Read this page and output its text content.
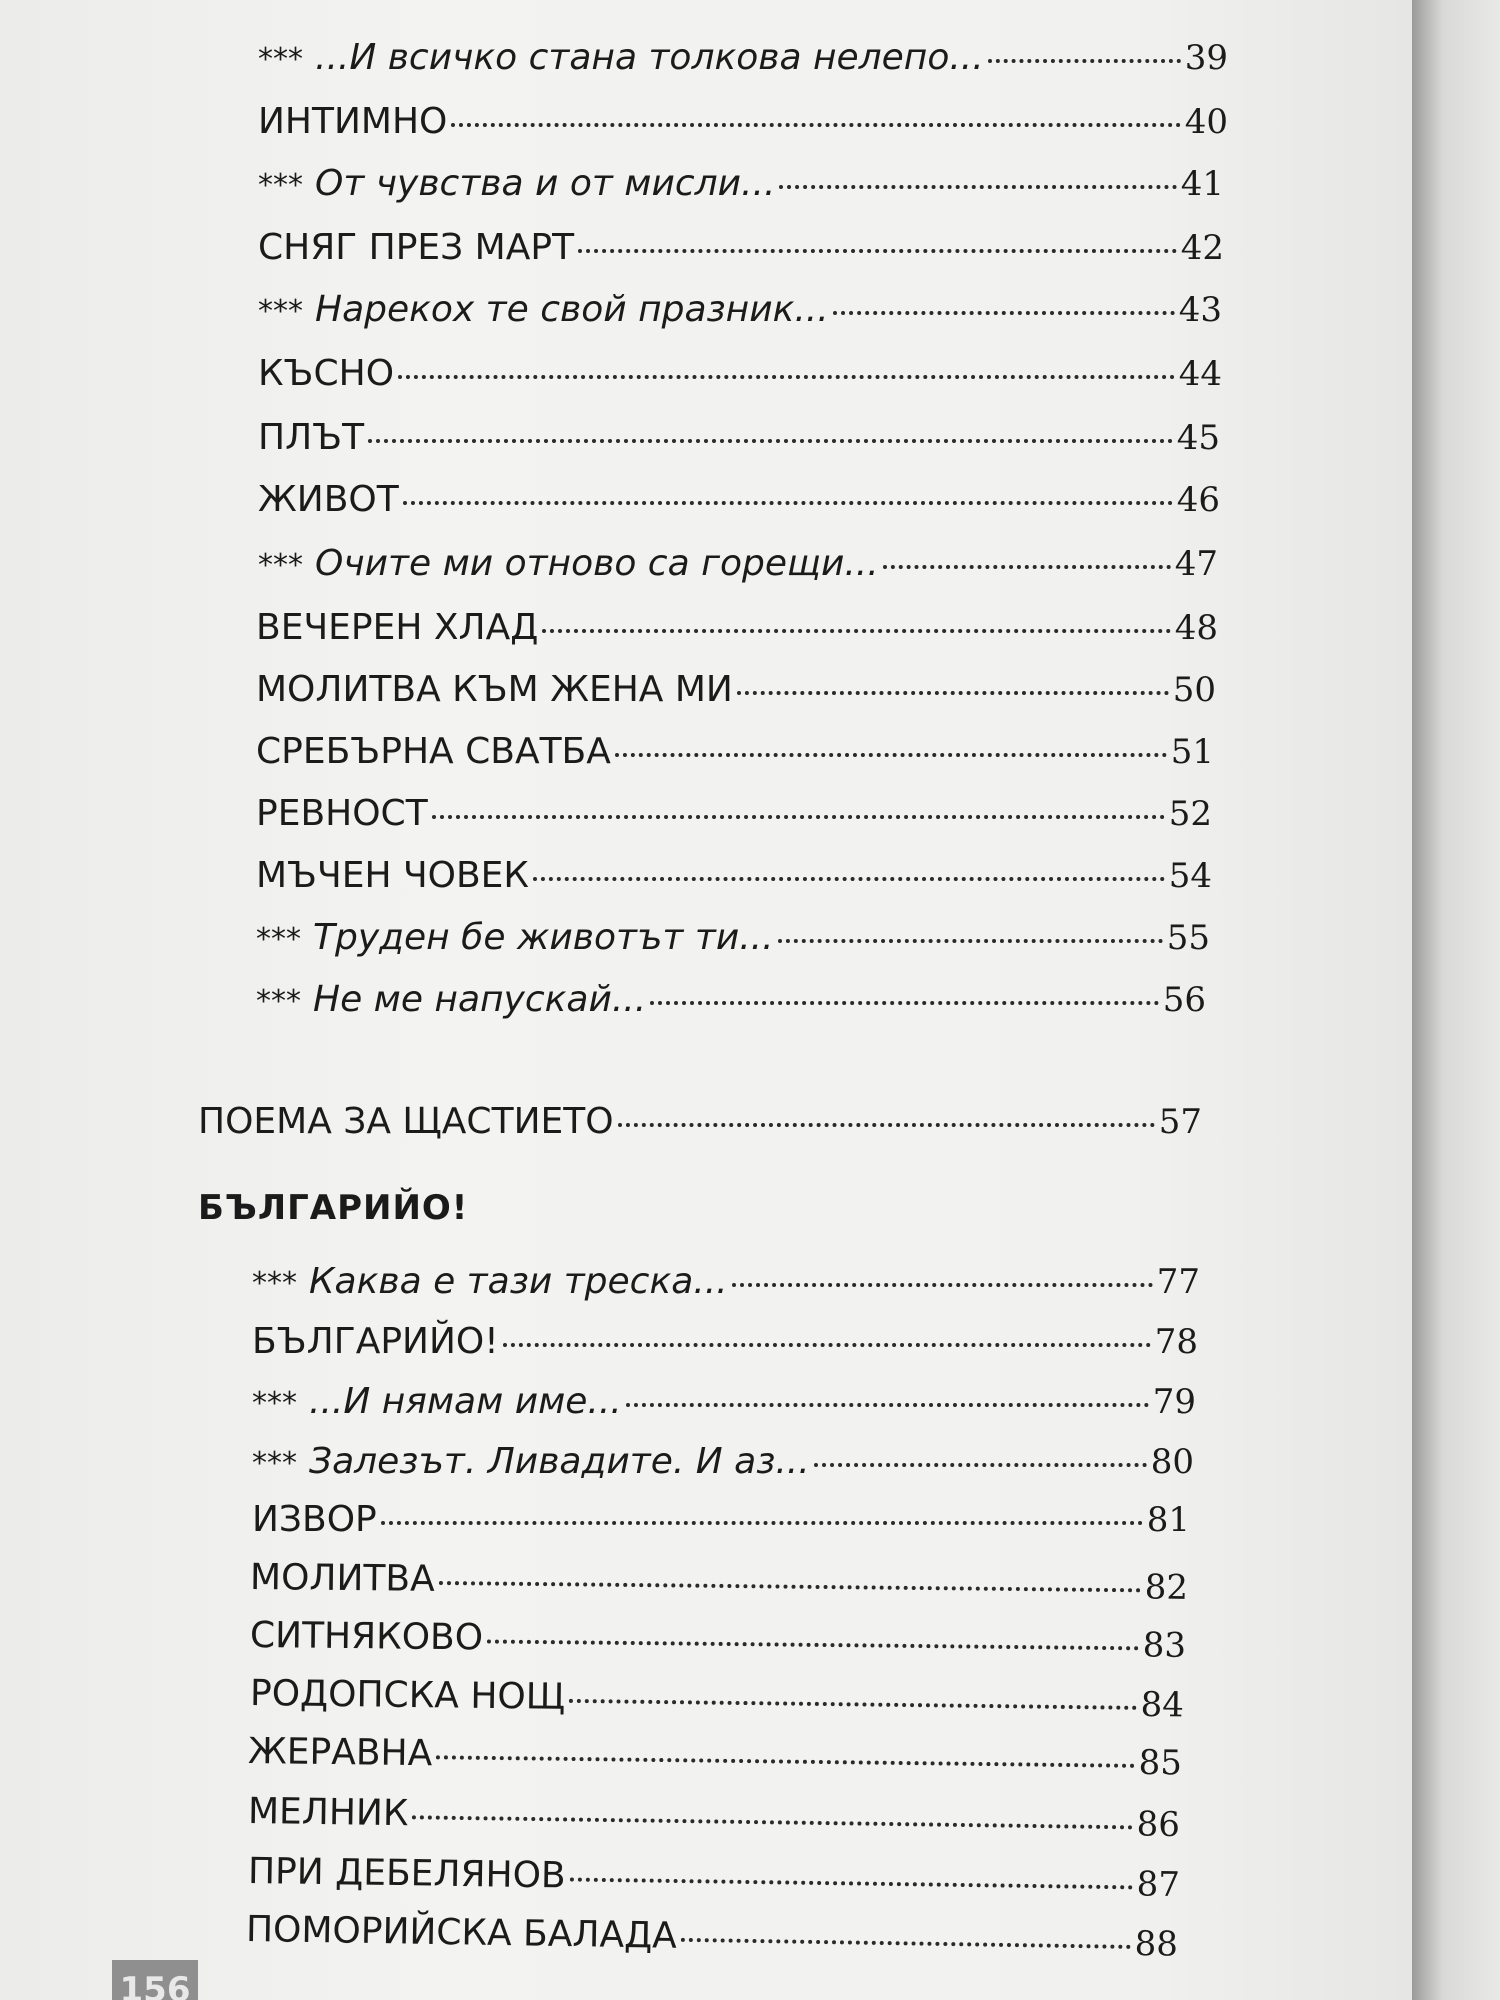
*** ...И всичко стана толкова нелепо...	39
ИНТИМНО	40
*** От чувства и от мисли...	41
СНЯГ ПРЕЗ МАРТ	42
*** Нарекох те свой празник...	43
КЪСНО	44
ПЛЪТ	45
ЖИВОТ	46
*** Очите ми отново са горещи...	47
ВЕЧЕРЕН ХЛАД	48
МОЛИТВА КЪМ ЖЕНА МИ	50
СРЕБЪРНА СВАТБА	51
РЕВНОСТ	52
МЪЧЕН ЧОВЕК	54
*** Труден бе животът ти...	55
*** Не ме напускай...	56
ПОЕМА ЗА ЩАСТИЕТО	57
БЪЛГАРИЙО!
*** Каква е тази треска...	77
БЪЛГАРИЙО!	78
*** ...И нямам име...	79
*** Залезът. Ливадите. И аз...	80
ИЗВОР	81
МОЛИТВА	82
СИТНЯКОВО	83
РОДОПСКА НОЩ	84
ЖЕРАВНА	85
МЕЛНИК	86
ПРИ ДЕБЕЛЯНОВ	87
ПОМОРИЙСКА БАЛАДА	88
156
